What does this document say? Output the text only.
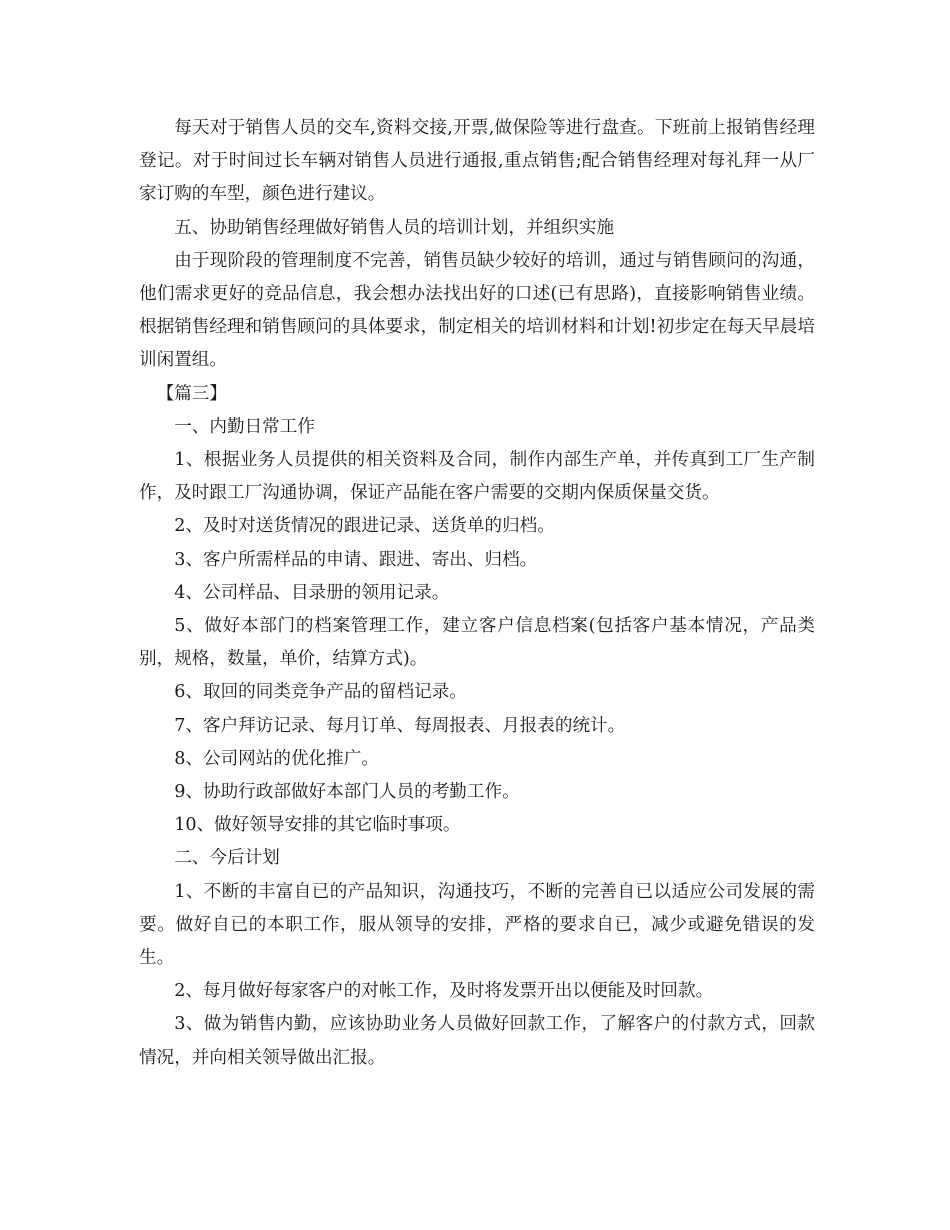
每天对于销售人员的交车,资料交接,开票,做保险等进行盘查。下班前上报销售经理登记。对于时间过长车辆对销售人员进行通报,重点销售;配合销售经理对每礼拜一从厂家订购的车型，颜色进行建议。

五、协助销售经理做好销售人员的培训计划，并组织实施

由于现阶段的管理制度不完善，销售员缺少较好的培训，通过与销售顾问的沟通，他们需求更好的竞品信息，我会想办法找出好的口述(已有思路)，直接影响销售业绩。根据销售经理和销售顾问的具体要求，制定相关的培训材料和计划!初步定在每天早晨培训闲置组。

【篇三】

一、内勤日常工作

1、根据业务人员提供的相关资料及合同，制作内部生产单，并传真到工厂生产制作，及时跟工厂沟通协调，保证产品能在客户需要的交期内保质保量交货。

2、及时对送货情况的跟进记录、送货单的归档。

3、客户所需样品的申请、跟进、寄出、归档。

4、公司样品、目录册的领用记录。

5、做好本部门的档案管理工作，建立客户信息档案(包括客户基本情况，产品类别，规格，数量，单价，结算方式)。

6、取回的同类竞争产品的留档记录。

7、客户拜访记录、每月订单、每周报表、月报表的统计。

8、公司网站的优化推广。

9、协助行政部做好本部门人员的考勤工作。

10、做好领导安排的其它临时事项。

二、今后计划

1、不断的丰富自已的产品知识，沟通技巧，不断的完善自已以适应公司发展的需要。做好自已的本职工作，服从领导的安排，严格的要求自已，减少或避免错误的发生。

2、每月做好每家客户的对帐工作，及时将发票开出以便能及时回款。

3、做为销售内勤，应该协助业务人员做好回款工作，了解客户的付款方式，回款情况，并向相关领导做出汇报。
